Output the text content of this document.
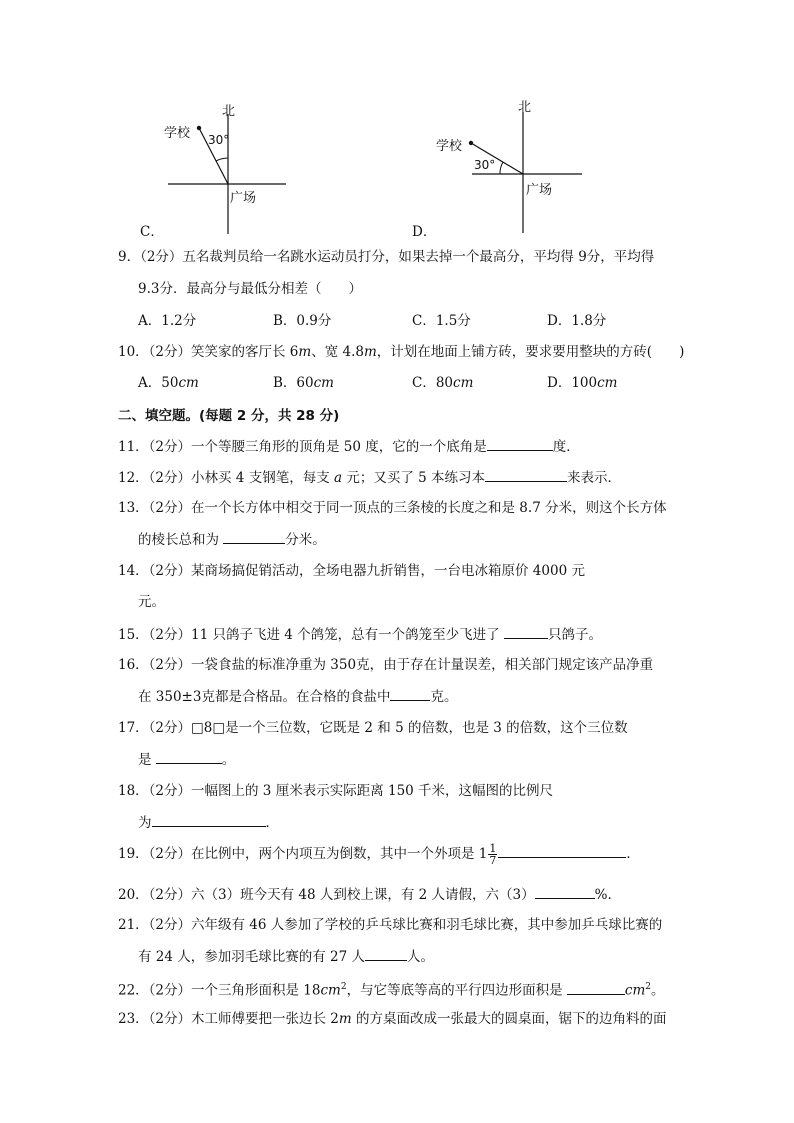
北
学校 30°
广场
C．
北
学校
30°
广场
D．
9．（2分）五名裁判员给一名跳水运动员打分，如果去掉一个最高分，平均得 9分，平均得
9.3分．最高分与最低分相差（　　）
A．1.2分	B．0.9分	C．1.5分	D．1.8分
10．（2分）笑笑家的客厅长 6m、宽 4.8m，计划在地面上铺方砖，要求要用整块的方砖(　　)
A．50cm	B．60cm	C．80cm	D．100cm
二、填空题。(每题 2 分，共 28 分)
11．（2分）一个等腰三角形的顶角是 50 度，它的一个底角是	度．
12．（2分）小林买 4 支钢笔，每支 a 元；又买了 5 本练习本	来表示．
13．（2分）在一个长方体中相交于同一顶点的三条棱的长度之和是 8.7 分米，则这个长方体
的棱长总和为	分米。
14．（2分）某商场搞促销活动，全场电器九折销售，一台电冰箱原价 4000 元
元。
15．（2分）11 只鸽子飞进 4 个鸽笼，总有一个鸽笼至少飞进了	只鸽子。
16．（2分）一袋食盐的标准净重为 350克，由于存在计量误差，相关部门规定该产品净重
在 350±3克都是合格品。在合格的食盐中	克。
17．（2分）□8□是一个三位数，它既是 2 和 5 的倍数，也是 3 的倍数，这个三位数
是	。
18．（2分）一幅图上的 3 厘米表示实际距离 150 千米，这幅图的比例尺
为	．
19．（2分）在比例中，两个内项互为倒数，其中一个外项是 $1 \frac{1}{7}$	．
20．（2分）六（3）班今天有 48 人到校上课，有 2 人请假，六（3）	%.
21．（2分）六年级有 46 人参加了学校的乒乓球比赛和羽毛球比赛，其中参加乒乓球比赛的
有 24 人，参加羽毛球比赛的有 27 人	人。
22．（2分）一个三角形面积是 $18cm^2$，与它等底等高的平行四边形面积是	$cm^2$。
23．（2分）木工师傅要把一张边长 2m 的方桌面改成一张最大的圆桌面，锯下的边角料的面
